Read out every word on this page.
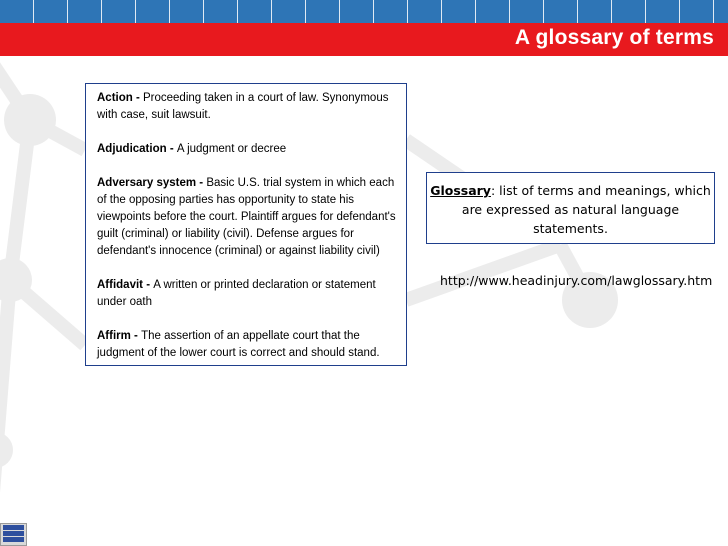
A glossary of terms
Action - Proceeding taken in a court of law. Synonymous with case, suit lawsuit.
Adjudication - A judgment or decree
Adversary system - Basic U.S. trial system in which each of the opposing parties has opportunity to state his viewpoints before the court. Plaintiff argues for defendant's guilt (criminal) or liability (civil). Defense argues for defendant's innocence (criminal) or against liability civil)
Affidavit - A written or printed declaration or statement under oath
Affirm - The assertion of an appellate court that the judgment of the lower court is correct and should stand.
Glossary: list of terms and meanings, which are expressed as natural language statements.
http://www.headinjury.com/lawglossary.htm
